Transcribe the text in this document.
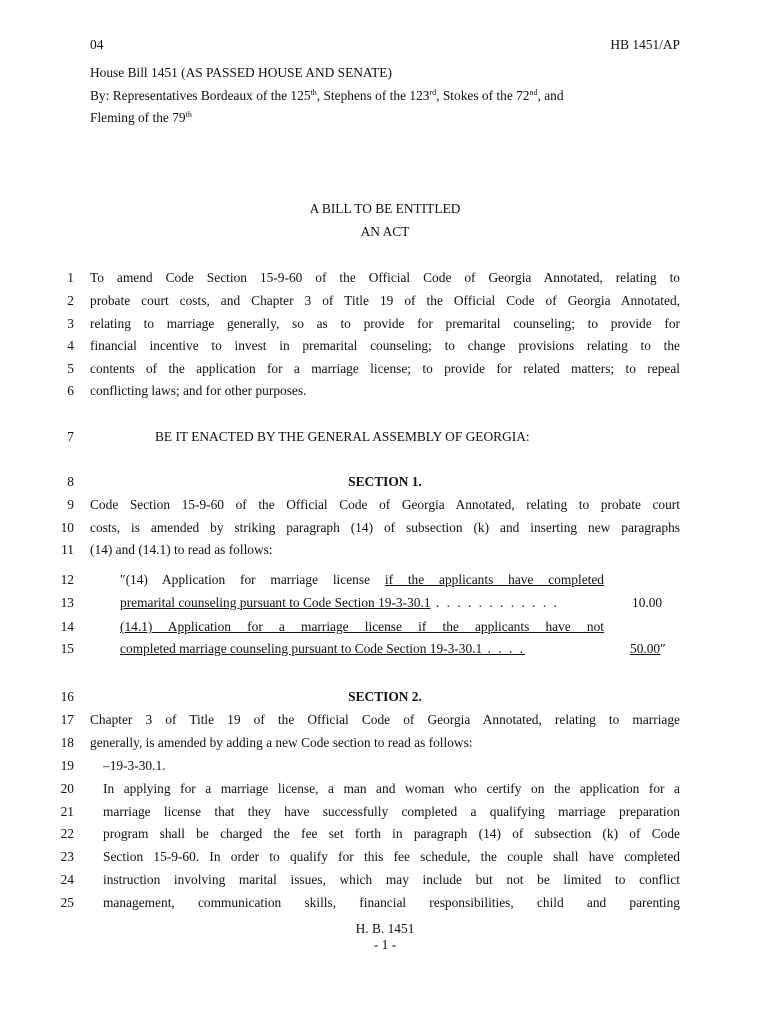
04	HB 1451/AP
House Bill 1451 (AS PASSED HOUSE AND SENATE)
By: Representatives Bordeaux of the 125th, Stephens of the 123rd, Stokes of the 72nd, and
Fleming of the 79th
A BILL TO BE ENTITLED
AN ACT
1 To amend Code Section 15-9-60 of the Official Code of Georgia Annotated, relating to
2 probate court costs, and Chapter 3 of Title 19 of the Official Code of Georgia Annotated,
3 relating to marriage generally, so as to provide for premarital counseling; to provide for
4 financial incentive to invest in premarital counseling; to change provisions relating to the
5 contents of the application for a marriage license; to provide for related matters; to repeal
6 conflicting laws; and for other purposes.
7	BE IT ENACTED BY THE GENERAL ASSEMBLY OF GEORGIA:
8	SECTION 1.
9 Code Section 15-9-60 of the Official Code of Georgia Annotated, relating to probate court
10 costs, is amended by striking paragraph (14) of subsection (k) and inserting new paragraphs
11 (14) and (14.1) to read as follows:
12	″(14) Application for marriage license if the applicants have completed
13	premarital counseling pursuant to Code Section 19-3-30.1 . . . . . . . . . . . .	10.00
14	(14.1) Application for a marriage license if the applicants have not
15	completed marriage counseling pursuant to Code Section 19-3-30.1 . . . .	50.00″
16	SECTION 2.
17 Chapter 3 of Title 19 of the Official Code of Georgia Annotated, relating to marriage
18 generally, is amended by adding a new Code section to read as follows:
19 –19-3-30.1.
20 In applying for a marriage license, a man and woman who certify on the application for a
21 marriage license that they have successfully completed a qualifying marriage preparation
22 program shall be charged the fee set forth in paragraph (14) of subsection (k) of Code
23 Section 15-9-60. In order to qualify for this fee schedule, the couple shall have completed
24 instruction involving marital issues, which may include but not be limited to conflict
25 management, communication skills, financial responsibilities, child and parenting
H. B. 1451
- 1 -
